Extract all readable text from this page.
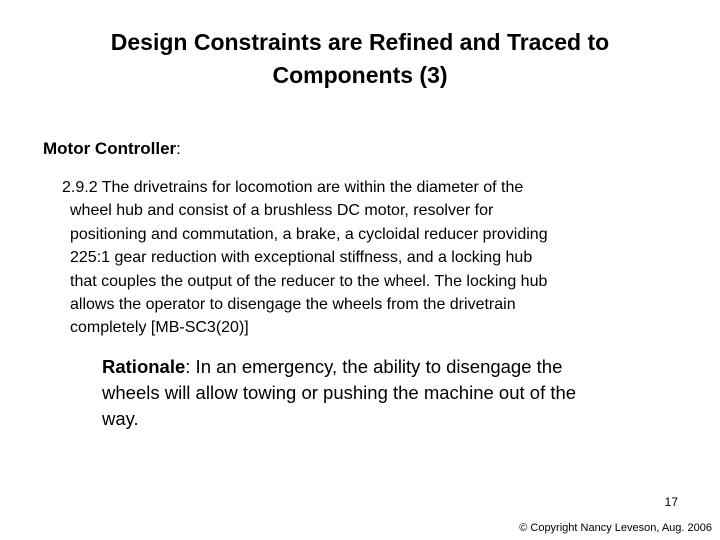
Design Constraints are Refined and Traced to
Components (3)
Motor Controller:
2.9.2 The drivetrains for locomotion are within the diameter of the
wheel hub and consist of a brushless DC motor, resolver for
positioning and commutation, a brake, a cycloidal reducer providing
225:1 gear reduction with exceptional stiffness, and a locking hub
that couples the output of the reducer to the wheel. The locking hub
allows the operator to disengage the wheels from the drivetrain
completely [MB-SC3(20)]
Rationale: In an emergency, the ability to disengage the
wheels will allow towing or pushing the machine out of the
way.
17
© Copyright Nancy Leveson, Aug. 2006
